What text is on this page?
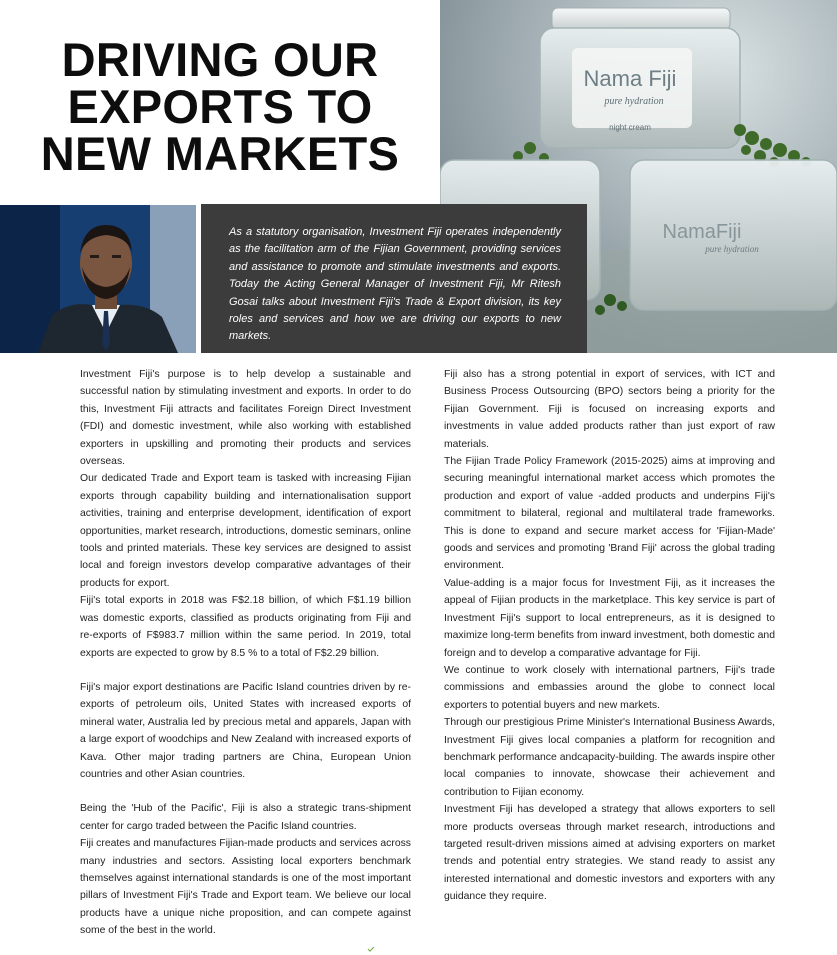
DRIVING OUR
EXPORTS TO
NEW MARKETS
Nama Fiji
pure hydration
night cream
NamaFiji
pure hydration

As a statutory organisation, Investment Fiji operates independently as the facilitation arm of the Fijian Government, providing services and assistance to promote and stimulate investments and exports. Today the Acting General Manager of Investment Fiji, Mr Ritesh Gosai talks about Investment Fiji's Trade & Export division, its key roles and services and how we are driving our exports to new markets.

Investment Fiji's purpose is to help develop a sustainable and successful nation by stimulating investment and exports. In order to do this, Investment Fiji attracts and facilitates Foreign Direct Investment (FDI) and domestic investment, while also working with established exporters in upskilling and promoting their products and services overseas.

Our dedicated Trade and Export team is tasked with increasing Fijian exports through capability building and internationalisation support activities, training and enterprise development, identification of export opportunities, market research, introductions, domestic seminars, online tools and printed materials. These key services are designed to assist local and foreign investors develop comparative advantages of their products for export.

Fiji's total exports in 2018 was F$2.18 billion, of which F$1.19 billion was domestic exports, classified as products originating from Fiji and re-exports of F$983.7 million within the same period. In 2019, total exports are expected to grow by 8.5 % to a total of F$2.29 billion.

Fiji's major export destinations are Pacific Island countries driven by re-exports of petroleum oils, United States with increased exports of mineral water, Australia led by precious metal and apparels, Japan with a large export of woodchips and New Zealand with increased exports of Kava. Other major trading partners are China, European Union countries and other Asian countries.

Being the 'Hub of the Pacific', Fiji is also a strategic trans-shipment center for cargo traded between the Pacific Island countries.

Fiji creates and manufactures Fijian-made products and services across many industries and sectors. Assisting local exporters benchmark themselves against international standards is one of the most important pillars of Investment Fiji's Trade and Export team. We believe our local products have a unique niche proposition, and can compete against some of the best in the world.

Fiji also has a strong potential in export of services, with ICT and Business Process Outsourcing (BPO) sectors being a priority for the Fijian Government. Fiji is focused on increasing exports and investments in value added products rather than just export of raw materials.

The Fijian Trade Policy Framework (2015-2025) aims at improving and securing meaningful international market access which promotes the production and export of value -added products and underpins Fiji's commitment to bilateral, regional and multilateral trade frameworks. This is done to expand and secure market access for 'Fijian-Made' goods and services and promoting 'Brand Fiji' across the global trading environment.

Value-adding is a major focus for Investment Fiji, as it increases the appeal of Fijian products in the marketplace. This key service is part of Investment Fiji's support to local entrepreneurs, as it is designed to maximize long-term benefits from inward investment, both domestic and foreign and to develop a comparative advantage for Fiji.

We continue to work closely with international partners, Fiji's trade commissions and embassies around the globe to connect local exporters to potential buyers and new markets.

Through our prestigious Prime Minister's International Business Awards, Investment Fiji gives local companies a platform for recognition and benchmark performance andcapacity-building. The awards inspire other local companies to innovate, showcase their achievement and contribution to Fijian economy.

Investment Fiji has developed a strategy that allows exporters to sell more products overseas through market research, introductions and targeted result-driven missions aimed at advising exporters on market trends and potential entry strategies. We stand ready to assist any interested international and domestic investors and exporters with any guidance they require.
